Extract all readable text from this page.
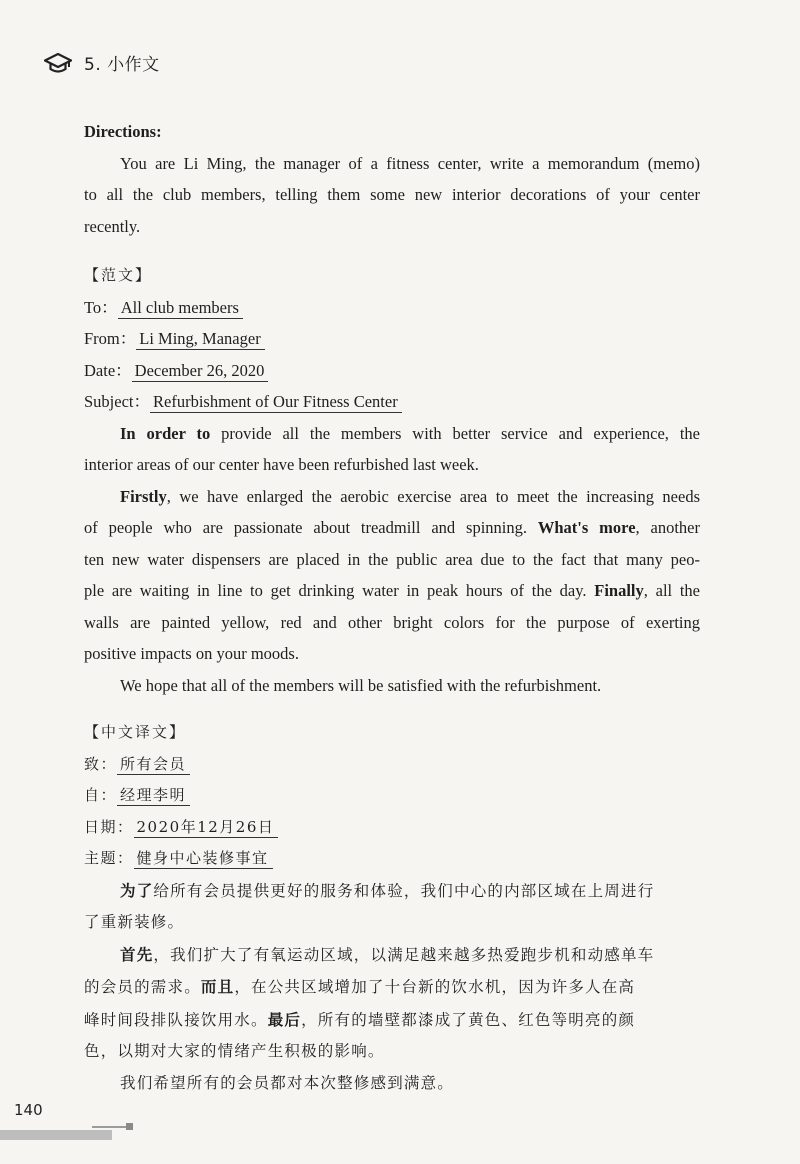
5. 小作文
Directions:
You are Li Ming, the manager of a fitness center, write a memorandum (memo)
to all the club members, telling them some new interior decorations of your center
recently.
【范文】
To： All club members
From： Li Ming, Manager
Date： December 26, 2020
Subject： Refurbishment of Our Fitness Center
In order to provide all the members with better service and experience, the
interior areas of our center have been refurbished last week.
Firstly, we have enlarged the aerobic exercise area to meet the increasing needs
of people who are passionate about treadmill and spinning. What's more, another
ten new water dispensers are placed in the public area due to the fact that many peo-
ple are waiting in line to get drinking water in peak hours of the day. Finally, all the
walls are painted yellow, red and other bright colors for the purpose of exerting
positive impacts on your moods.
We hope that all of the members will be satisfied with the refurbishment.
【中文译文】
致： 所有会员
自： 经理李明
日期： 2020年12月26日
主题： 健身中心装修事宜
为了给所有会员提供更好的服务和体验，我们中心的内部区域在上周进行
了重新装修。
首先，我们扩大了有氧运动区域，以满足越来越多热爱跑步机和动感单车
的会员的需求。而且，在公共区域增加了十台新的饮水机，因为许多人在高
峰时间段排队接饮用水。最后，所有的墙壁都漆成了黄色、红色等明亮的颜
色，以期对大家的情绪产生积极的影响。
我们希望所有的会员都对本次整修感到满意。
140
